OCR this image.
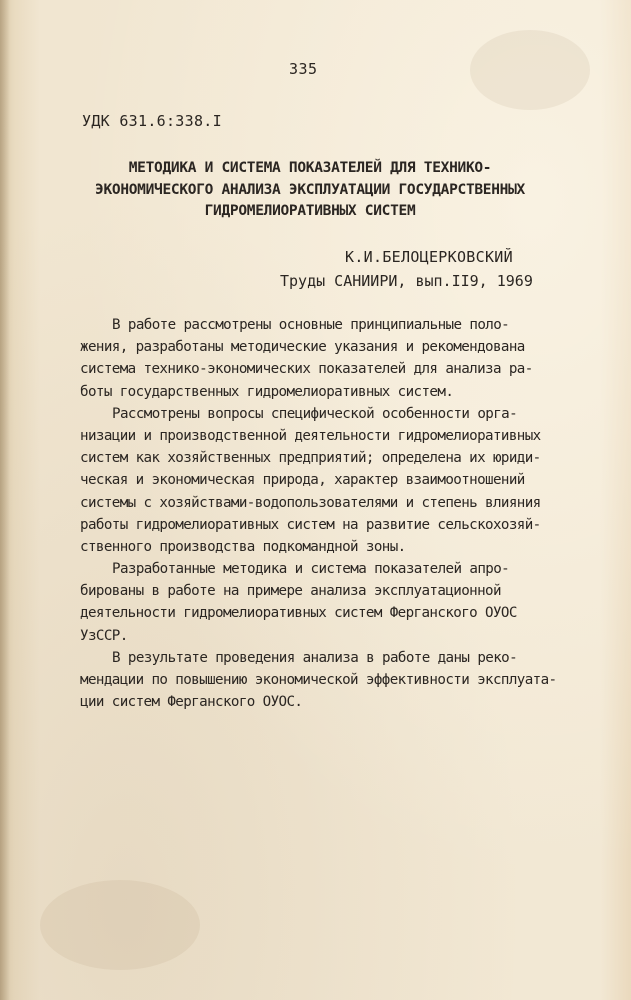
335
УДК 631.6:338.I
МЕТОДИКА И СИСТЕМА ПОКАЗАТЕЛЕЙ ДЛЯ ТЕХНИКО-
ЭКОНОМИЧЕСКОГО АНАЛИЗА ЭКСПЛУАТАЦИИ ГОСУДАРСТВЕННЫХ
ГИДРОМЕЛИОРАТИВНЫХ СИСТЕМ
К.И.БЕЛОЦЕРКОВСКИЙ
Труды САНИИРИ, вып.II9, 1969
В работе рассмотрены основные принципиальные поло-
жения, разработаны методические указания и рекомендована
система технико-экономических показателей для анализа ра-
боты государственных гидромелиоративных систем.
Рассмотрены вопросы специфической особенности орга-
низации и производственной деятельности гидромелиоративных
систем как хозяйственных предприятий; определена их юриди-
ческая и экономическая природа, характер взаимоотношений
системы с хозяйствами-водопользователями и степень влияния
работы гидромелиоративных систем на развитие сельскохозяй-
ственного производства подкомандной зоны.
Разработанные методика и система показателей апро-
бированы в работе на примере анализа эксплуатационной
деятельности гидромелиоративных систем Ферганского ОУОС
УзССР.
В результате проведения анализа в работе даны реко-
мендации по повышению экономической эффективности эксплуата-
ции систем Ферганского ОУОС.
